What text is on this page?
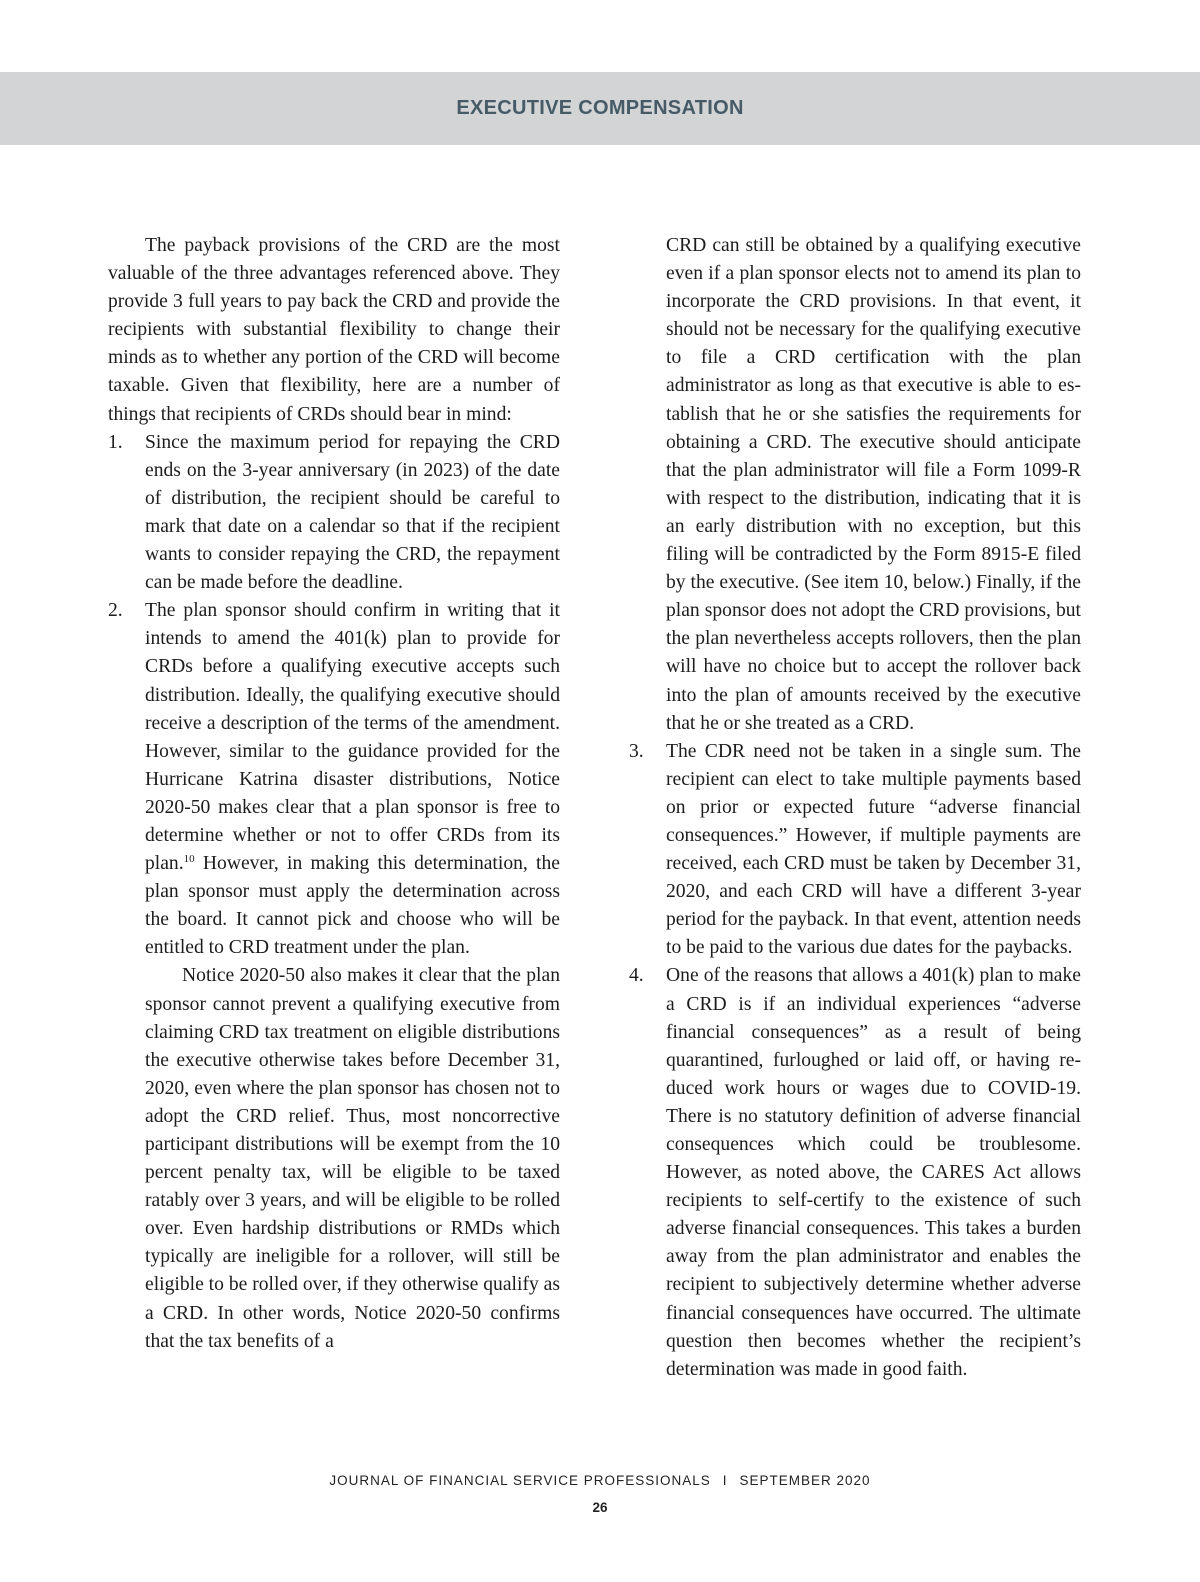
EXECUTIVE COMPENSATION

The payback provisions of the CRD are the most valuable of the three advantages referenced above. They provide 3 full years to pay back the CRD and provide the recipients with substantial flexibility to change their minds as to whether any portion of the CRD will become taxable. Given that flexibility, here are a number of things that recipients of CRDs should bear in mind:

1. Since the maximum period for repaying the CRD ends on the 3-year anniversary (in 2023) of the date of distribution, the recipient should be careful to mark that date on a calendar so that if the recipient wants to consider repaying the CRD, the repayment can be made before the deadline.
2. The plan sponsor should confirm in writing that it intends to amend the 401(k) plan to provide for CRDs before a qualifying executive accepts such distribution. Ideally, the qualifying executive should receive a description of the terms of the amendment. However, similar to the guidance provided for the Hurricane Katrina disaster distributions, Notice 2020-50 makes clear that a plan sponsor is free to determine whether or not to offer CRDs from its plan.$^{10}$ However, in making this determination, the plan sponsor must apply the determination across the board. It cannot pick and choose who will be entitled to CRD treatment under the plan.

Notice 2020-50 also makes it clear that the plan sponsor cannot prevent a qualifying executive from claiming CRD tax treatment on eligible distributions the executive otherwise takes before December 31, 2020, even where the plan sponsor has chosen not to adopt the CRD relief. Thus, most noncorrective participant distributions will be exempt from the 10 percent penalty tax, will be eligible to be taxed ratably over 3 years, and will be eligible to be rolled over. Even hardship distributions or RMDs which typically are ineligible for a rollover, will still be eligible to be rolled over, if they otherwise qualify as a CRD. In other words, Notice 2020-50 confirms that the tax benefits of a

CRD can still be obtained by a qualifying executive even if a plan sponsor elects not to amend its plan to incorporate the CRD provisions. In that event, it should not be necessary for the qualifying executive to file a CRD certification with the plan administrator as long as that executive is able to establish that he or she satisfies the requirements for obtaining a CRD. The executive should anticipate that the plan administrator will file a Form 1099-R with respect to the distribution, indicating that it is an early distribution with no exception, but this filing will be contradicted by the Form 8915-E filed by the executive. (See item 10, below.) Finally, if the plan sponsor does not adopt the CRD provisions, but the plan nevertheless accepts rollovers, then the plan will have no choice but to accept the rollover back into the plan of amounts received by the executive that he or she treated as a CRD.

3. The CDR need not be taken in a single sum. The recipient can elect to take multiple payments based on prior or expected future “adverse financial consequences.” However, if multiple payments are received, each CRD must be taken by December 31, 2020, and each CRD will have a different 3-year period for the payback. In that event, attention needs to be paid to the various due dates for the paybacks.
4. One of the reasons that allows a 401(k) plan to make a CRD is if an individual experiences “adverse financial consequences” as a result of being quarantined, furloughed or laid off, or having reduced work hours or wages due to COVID-19. There is no statutory definition of adverse financial consequences which could be troublesome. However, as noted above, the CARES Act allows recipients to self-certify to the existence of such adverse financial consequences. This takes a burden away from the plan administrator and enables the recipient to subjectively determine whether adverse financial consequences have occurred. The ultimate question then becomes whether the recipient’s determination was made in good faith.
JOURNAL OF FINANCIAL SERVICE PROFESSIONALS I SEPTEMBER 2020
26
